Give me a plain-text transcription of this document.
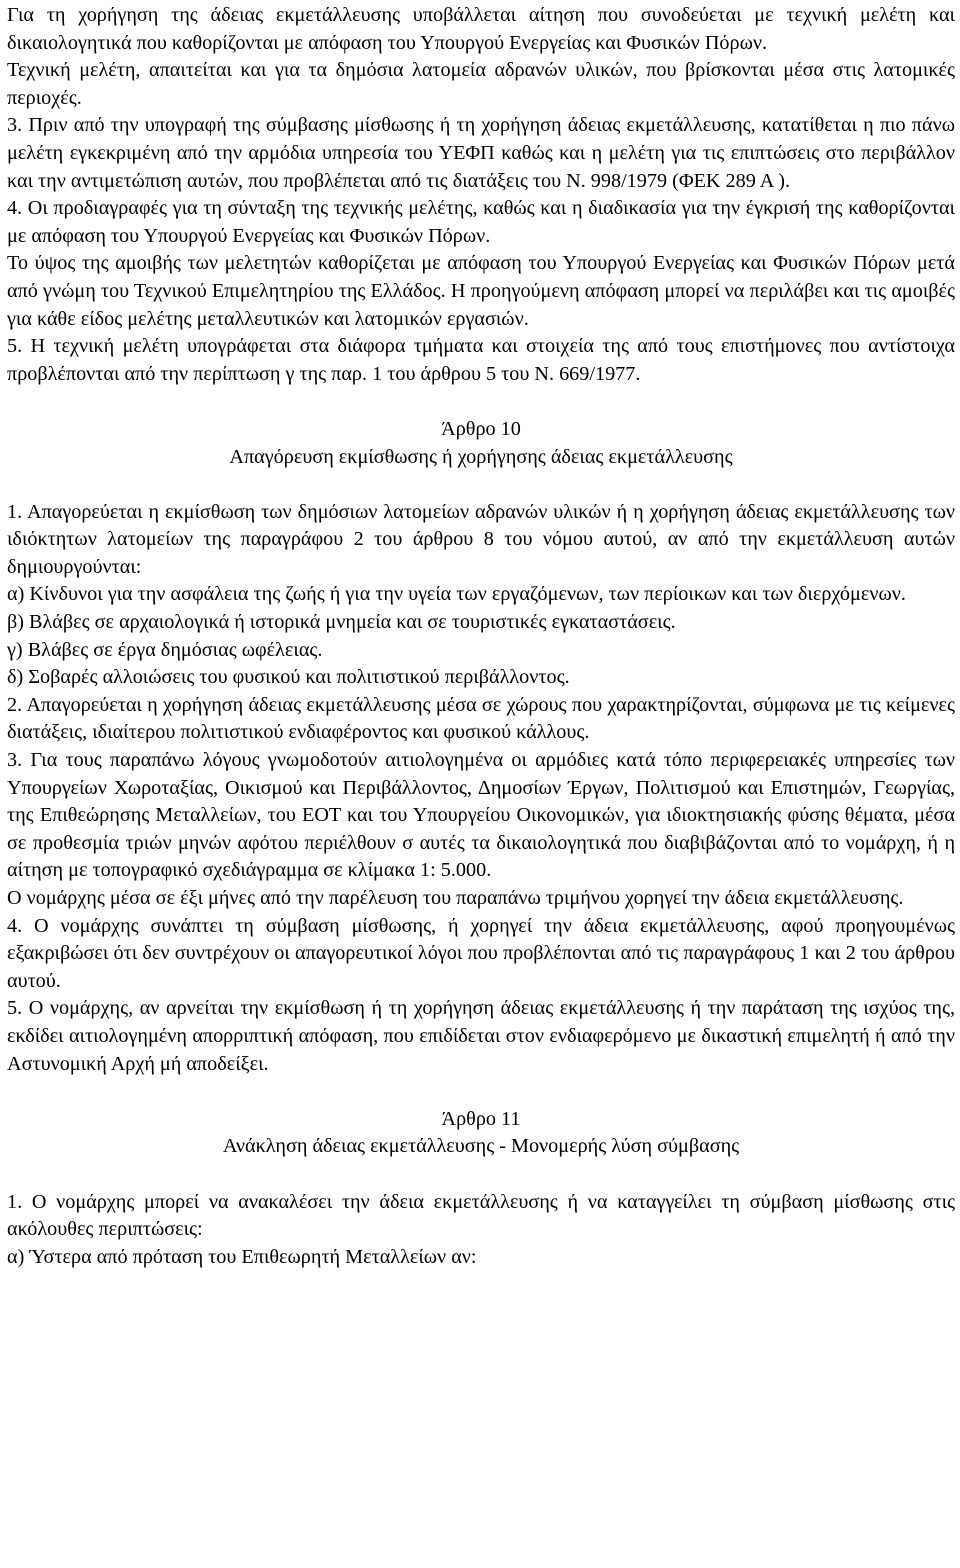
Για τη χορήγηση της άδειας εκμετάλλευσης υποβάλλεται αίτηση που συνοδεύεται με τεχνική μελέτη και δικαιολογητικά που καθορίζονται με απόφαση του Υπουργού Ενεργείας και Φυσικών Πόρων.

Τεχνική μελέτη, απαιτείται και για τα δημόσια λατομεία αδρανών υλικών, που βρίσκονται μέσα στις λατομικές περιοχές.

3. Πριν από την υπογραφή της σύμβασης μίσθωσης ή τη χορήγηση άδειας εκμετάλλευσης, κατατίθεται η πιο πάνω μελέτη εγκεκριμένη από την αρμόδια υπηρεσία του ΥΕΦΠ καθώς και η μελέτη για τις επιπτώσεις στο περιβάλλον και την αντιμετώπιση αυτών, που προβλέπεται από τις διατάξεις του Ν. 998/1979 (ΦΕΚ 289 Α ).

4. Οι προδιαγραφές για τη σύνταξη της τεχνικής μελέτης, καθώς και η διαδικασία για την έγκρισή της καθορίζονται με απόφαση του Υπουργού Ενεργείας και Φυσικών Πόρων.

Το ύψος της αμοιβής των μελετητών καθορίζεται με απόφαση του Υπουργού Ενεργείας και Φυσικών Πόρων μετά από γνώμη του Τεχνικού Επιμελητηρίου της Ελλάδος. Η προηγούμενη απόφαση μπορεί να περιλάβει και τις αμοιβές για κάθε είδος μελέτης μεταλλευτικών και λατομικών εργασιών.

5. Η τεχνική μελέτη υπογράφεται στα διάφορα τμήματα και στοιχεία της από τους επιστήμονες που αντίστοιχα προβλέπονται από την περίπτωση γ της παρ. 1 του άρθρου 5 του Ν. 669/1977.

Άρθρο 10

Απαγόρευση εκμίσθωσης ή χορήγησης άδειας εκμετάλλευσης

1. Απαγορεύεται η εκμίσθωση των δημόσιων λατομείων αδρανών υλικών ή η χορήγηση άδειας εκμετάλλευσης των ιδιόκτητων λατομείων της παραγράφου 2 του άρθρου 8 του νόμου αυτού, αν από την εκμετάλλευση αυτών δημιουργούνται:

α) Κίνδυνοι για την ασφάλεια της ζωής ή για την υγεία των εργαζόμενων, των περίοικων και των διερχόμενων.

β) Βλάβες σε αρχαιολογικά ή ιστορικά μνημεία και σε τουριστικές εγκαταστάσεις.

γ) Βλάβες σε έργα δημόσιας ωφέλειας.

δ) Σοβαρές αλλοιώσεις του φυσικού και πολιτιστικού περιβάλλοντος.

2. Απαγορεύεται η χορήγηση άδειας εκμετάλλευσης μέσα σε χώρους που χαρακτηρίζονται, σύμφωνα με τις κείμενες διατάξεις, ιδιαίτερου πολιτιστικού ενδιαφέροντος και φυσικού κάλλους.

3. Για τους παραπάνω λόγους γνωμοδοτούν αιτιολογημένα οι αρμόδιες κατά τόπο περιφερειακές υπηρεσίες των Υπουργείων Χωροταξίας, Οικισμού και Περιβάλλοντος, Δημοσίων Έργων, Πολιτισμού και Επιστημών, Γεωργίας, της Επιθεώρησης Μεταλλείων, του ΕΟΤ και του Υπουργείου Οικονομικών, για ιδιοκτησιακής φύσης θέματα, μέσα σε προθεσμία τριών μηνών αφότου περιέλθουν σ αυτές τα δικαιολογητικά που διαβιβάζονται από το νομάρχη, ή η αίτηση με τοπογραφικό σχεδιάγραμμα σε κλίμακα 1: 5.000.

Ο νομάρχης μέσα σε έξι μήνες από την παρέλευση του παραπάνω τριμήνου χορηγεί την άδεια εκμετάλλευσης.

4. Ο νομάρχης συνάπτει τη σύμβαση μίσθωσης, ή χορηγεί την άδεια εκμετάλλευσης, αφού προηγουμένως εξακριβώσει ότι δεν συντρέχουν οι απαγορευτικοί λόγοι που προβλέπονται από τις παραγράφους 1 και 2 του άρθρου αυτού.

5. Ο νομάρχης, αν αρνείται την εκμίσθωση ή τη χορήγηση άδειας εκμετάλλευσης ή την παράταση της ισχύος της, εκδίδει αιτιολογημένη απορριπτική απόφαση, που επιδίδεται στον ενδιαφερόμενο με δικαστική επιμελητή ή από την Αστυνομική Αρχή μή αποδείξει.

Άρθρο 11

Ανάκληση άδειας εκμετάλλευσης - Μονομερής λύση σύμβασης

1. Ο νομάρχης μπορεί να ανακαλέσει την άδεια εκμετάλλευσης ή να καταγγείλει τη σύμβαση μίσθωσης στις ακόλουθες περιπτώσεις:

α) Ύστερα από πρόταση του Επιθεωρητή Μεταλλείων αν:
